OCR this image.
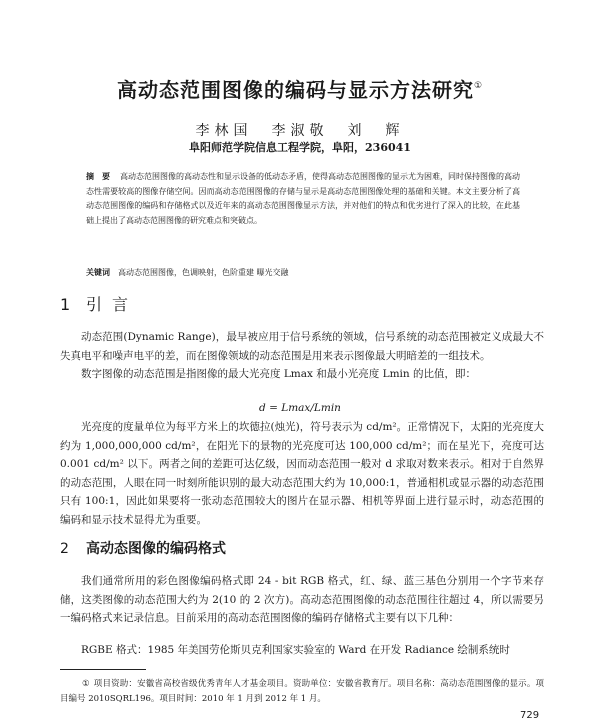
高动态范围图像的编码与显示方法研究①
李林国　李淑敬　刘　辉
阜阳师范学院信息工程学院，阜阳，236041
摘　要 高动态范围图像的高动态性和显示设备的低动态矛盾，使得高动态范围图像的显示尤为困难，同时保持图像的高动态性需要较高的图像存储空间。因而高动态范围图像的存储与显示是高动态范围图像处理的基础和关键。本文主要分析了高动态范围图像的编码和存储格式以及近年来的高动态范围图像显示方法，并对他们的特点和优劣进行了深入的比较，在此基础上提出了高动态范围图像的研究难点和突破点。
关键词 高动态范围图像，色调映射，色阶重建 曝光交融
1 引言

动态范围(Dynamic Range)，最早被应用于信号系统的领域，信号系统的动态范围被定义成最大不失真电平和噪声电平的差，而在图像领域的动态范围是用来表示图像最大明暗差的一组技术。

数字图像的动态范围是指图像的最大光亮度 Lmax 和最小光亮度 Lmin 的比值，即：

d = Lmax/Lmin

光亮度的度量单位为每平方米上的坎德拉(烛光)，符号表示为 cd/m²。正常情况下，太阳的光亮度大约为 1,000,000,000 cd/m²，在阳光下的景物的光亮度可达 100,000 cd/m²；而在星光下，亮度可达 0.001 cd/m² 以下。两者之间的差距可达亿级，因而动态范围一般对 d 求取对数来表示。相对于自然界的动态范围，人眼在同一时刻所能识别的最大动态范围大约为 10,000:1，普通相机或显示器的动态范围只有 100:1，因此如果要将一张动态范围较大的图片在显示器、相机等界面上进行显示时，动态范围的编码和显示技术显得尤为重要。

2 高动态图像的编码格式

我们通常所用的彩色图像编码格式即 24 - bit RGB 格式，红、绿、蓝三基色分别用一个字节来存储，这类图像的动态范围大约为 2(10 的 2 次方)。高动态范围图像的动态范围往往超过 4，所以需要另一编码格式来记录信息。目前采用的高动态范围图像的编码存储格式主要有以下几种：

RGBE 格式：1985 年美国劳伦斯贝克利国家实验室的 Ward 在开发 Radiance 绘制系统时

① 项目资助：安徽省高校省级优秀青年人才基金项目。资助单位：安徽省教育厅。项目名称：高动态范围图像的显示。项目编号 2010SQRL196。项目时间：2010 年 1 月到 2012 年 1 月。
729
